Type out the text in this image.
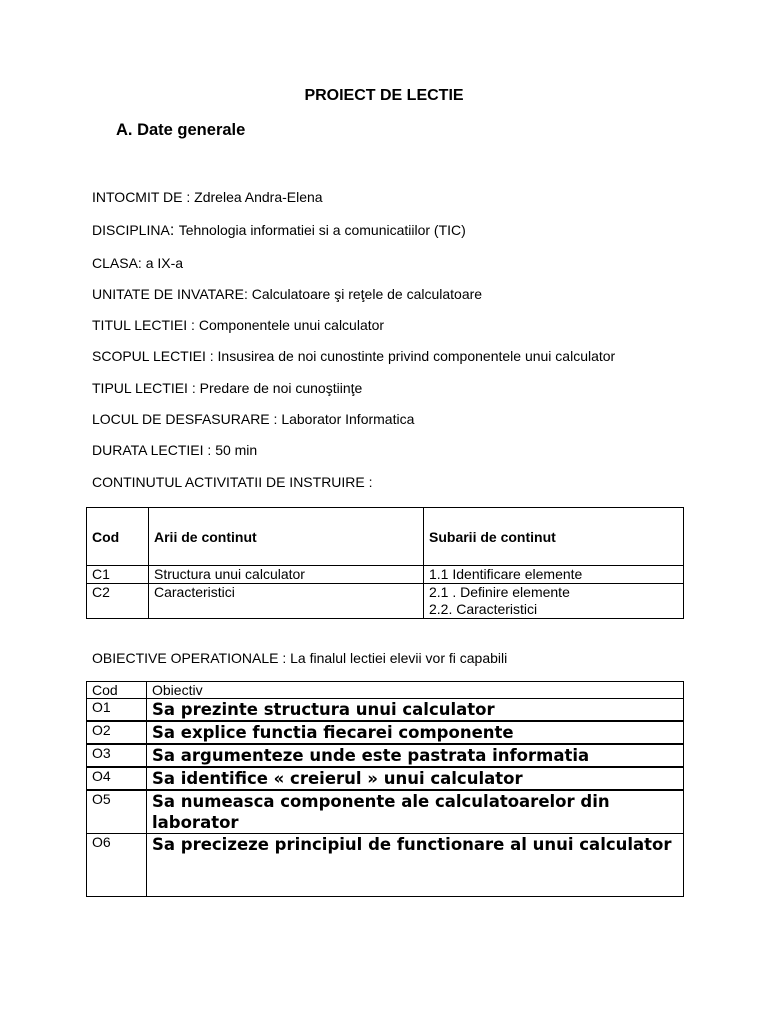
PROIECT DE LECTIE
A. Date generale
INTOCMIT DE : Zdrelea Andra-Elena
DISCIPLINA: Tehnologia informatiei si a comunicatiilor (TIC)
CLASA: a IX-a
UNITATE DE INVATARE: Calculatoare şi reţele de calculatoare
TITUL LECTIEI : Componentele unui calculator
SCOPUL LECTIEI : Insusirea de noi cunostinte privind componentele unui calculator
TIPUL LECTIEI : Predare de noi cunoştiinţe
LOCUL DE DESFASURARE : Laborator Informatica
DURATA LECTIEI : 50 min
CONTINUTUL ACTIVITATII DE INSTRUIRE :
Cod	Arii de continut	Subarii de continut
C1	Structura unui calculator	1.1 Identificare elemente

C2	Caracteristici	2.1 . Definire elemente
2.2. Caracteristici
OBIECTIVE OPERATIONALE : La finalul lectiei elevii vor fi capabili
Cod	Obiectiv
O1	Sa prezinte structura unui calculator
O2	Sa explice functia fiecarei componente
O3	Sa argumenteze unde este pastrata informatia
O4	Sa identifice « creierul » unui calculator
O5	Sa numeasca componente ale calculatoarelor din laborator
O6	Sa precizeze principiul de functionare al unui calculator
